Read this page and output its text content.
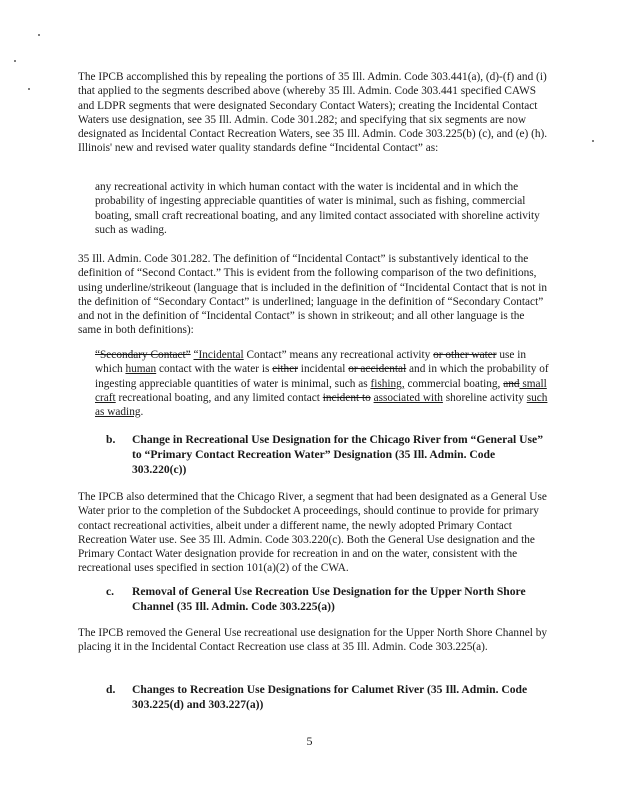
The IPCB accomplished this by repealing the portions of 35 Ill. Admin. Code 303.441(a), (d)-(f) and (i) that applied to the segments described above (whereby 35 Ill. Admin. Code 303.441 specified CAWS and LDPR segments that were designated Secondary Contact Waters); creating the Incidental Contact Waters use designation, see 35 Ill. Admin. Code 301.282; and specifying that six segments are now designated as Incidental Contact Recreation Waters, see 35 Ill. Admin. Code 303.225(b) (c), and (e) (h). Illinois' new and revised water quality standards define “Incidental Contact” as:

any recreational activity in which human contact with the water is incidental and in which the probability of ingesting appreciable quantities of water is minimal, such as fishing, commercial boating, small craft recreational boating, and any limited contact associated with shoreline activity such as wading.

35 Ill. Admin. Code 301.282. The definition of “Incidental Contact” is substantively identical to the definition of “Second Contact.” This is evident from the following comparison of the two definitions, using underline/strikeout (language that is included in the definition of “Incidental Contact that is not in the definition of “Secondary Contact” is underlined; language in the definition of “Secondary Contact” and not in the definition of “Incidental Contact” is shown in strikeout; and all other language is the same in both definitions):

“Secondary Contact” “Incidental Contact” means any recreational activity or other water use in which human contact with the water is either incidental or accidental and in which the probability of ingesting appreciable quantities of water is minimal, such as fishing, commercial boating, and small craft recreational boating, and any limited contact incident to associated with shoreline activity such as wading.

b.	Change in Recreational Use Designation for the Chicago River from “General Use” to “Primary Contact Recreation Water” Designation (35 Ill. Admin. Code 303.220(c))

The IPCB also determined that the Chicago River, a segment that had been designated as a General Use Water prior to the completion of the Subdocket A proceedings, should continue to provide for primary contact recreational activities, albeit under a different name, the newly adopted Primary Contact Recreation Water use. See 35 Ill. Admin. Code 303.220(c). Both the General Use designation and the Primary Contact Water designation provide for recreation in and on the water, consistent with the recreational uses specified in section 101(a)(2) of the CWA.

c.	Removal of General Use Recreation Use Designation for the Upper North Shore Channel (35 Ill. Admin. Code 303.225(a))

The IPCB removed the General Use recreational use designation for the Upper North Shore Channel by placing it in the Incidental Contact Recreation use class at 35 Ill. Admin. Code 303.225(a).

d.	Changes to Recreation Use Designations for Calumet River (35 Ill. Admin. Code 303.225(d) and 303.227(a))
5
